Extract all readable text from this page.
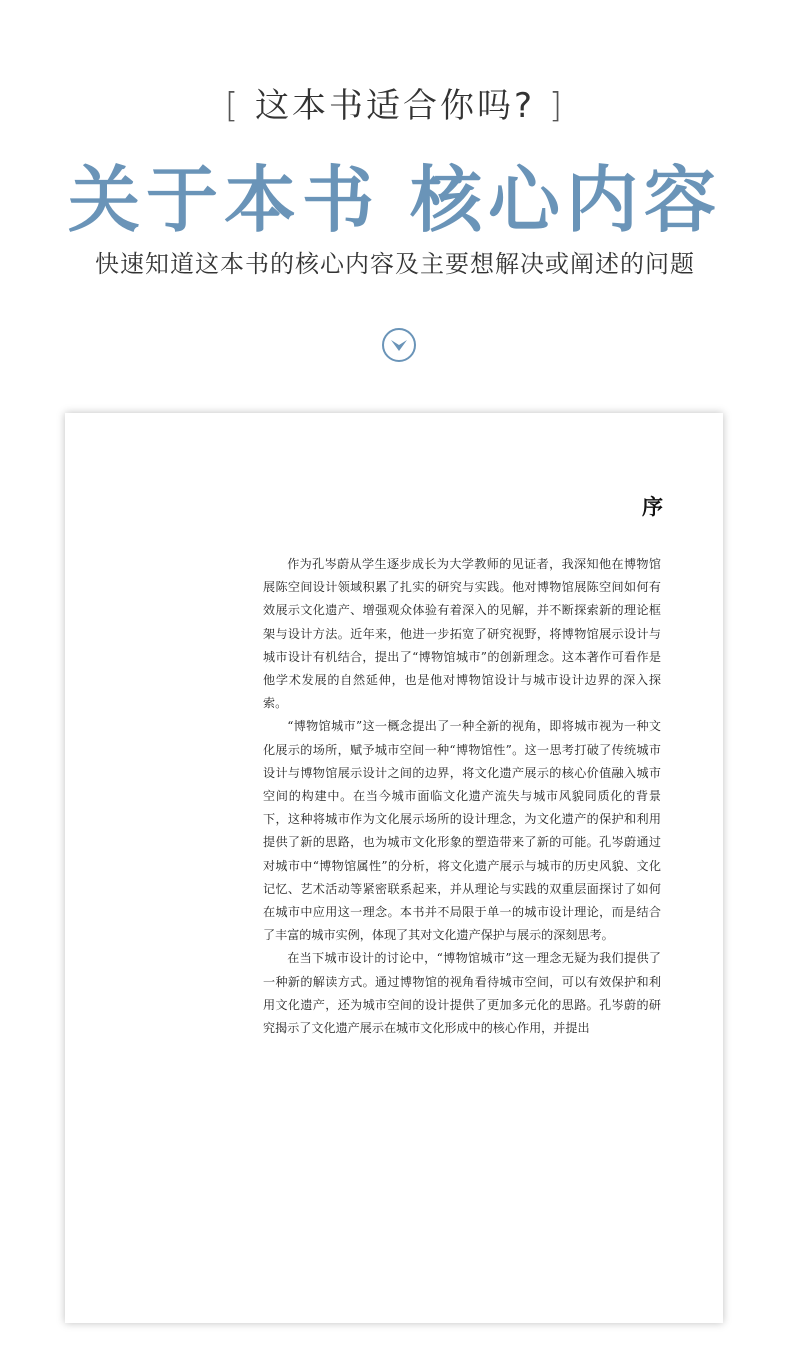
[ 这本书适合你吗? ]
关于本书 核心内容
快速知道这本书的核心内容及主要想解决或阐述的问题
序

作为孔岑蔚从学生逐步成长为大学教师的见证者，我深知他在博物馆展陈空间设计领域积累了扎实的研究与实践。他对博物馆展陈空间如何有效展示文化遗产、增强观众体验有着深入的见解，并不断探索新的理论框架与设计方法。近年来，他进一步拓宽了研究视野，将博物馆展示设计与城市设计有机结合，提出了“博物馆城市”的创新理念。这本著作可看作是他学术发展的自然延伸，也是他对博物馆设计与城市设计边界的深入探索。

“博物馆城市”这一概念提出了一种全新的视角，即将城市视为一种文化展示的场所，赋予城市空间一种“博物馆性”。这一思考打破了传统城市设计与博物馆展示设计之间的边界，将文化遗产展示的核心价值融入城市空间的构建中。在当今城市面临文化遗产流失与城市风貌同质化的背景下，这种将城市作为文化展示场所的设计理念，为文化遗产的保护和利用提供了新的思路，也为城市文化形象的塑造带来了新的可能。孔岑蔚通过对城市中“博物馆属性”的分析，将文化遗产展示与城市的历史风貌、文化记忆、艺术活动等紧密联系起来，并从理论与实践的双重层面探讨了如何在城市中应用这一理念。本书并不局限于单一的城市设计理论，而是结合了丰富的城市实例，体现了其对文化遗产保护与展示的深刻思考。

在当下城市设计的讨论中，“博物馆城市”这一理念无疑为我们提供了一种新的解读方式。通过博物馆的视角看待城市空间，可以有效保护和利用文化遗产，还为城市空间的设计提供了更加多元化的思路。孔岑蔚的研究揭示了文化遗产展示在城市文化形成中的核心作用，并提出
